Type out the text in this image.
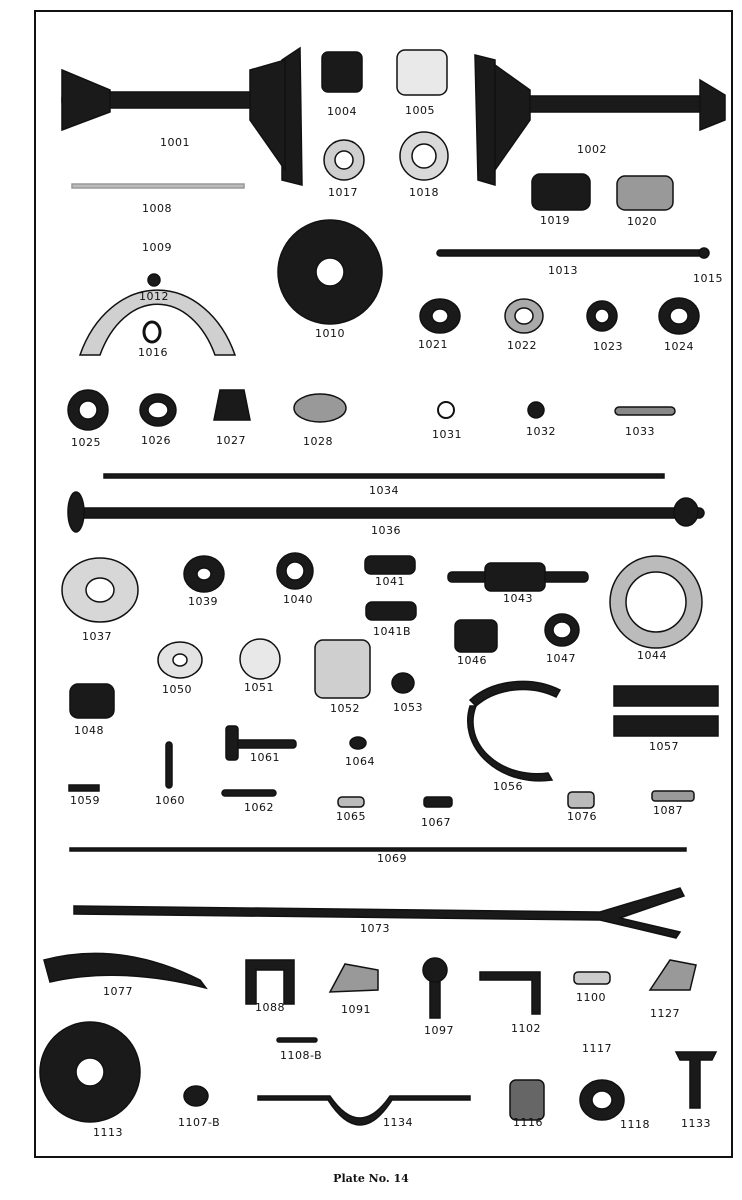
1001
1002
1004	1005
1008
1009
1010
1012
1013
1015
1016
1017	1018
1019	1020
1021	1022	1023	1024
1025	1026	1027	1028
1031	1032	1033
1034
1036
1037
1039	1040
1041
1041B
1043
1044
1046	1047
1048
1050	1051
1052	1053
1056
1057
1059	1060
1061
1062
1064
1065	1067
1069
1073
1076
1077
1087
1088	1091
1097
1100
1102
1107-B
1108-B
1113
1116
1117
1118
1127
1133
1134
Plate No. 14
